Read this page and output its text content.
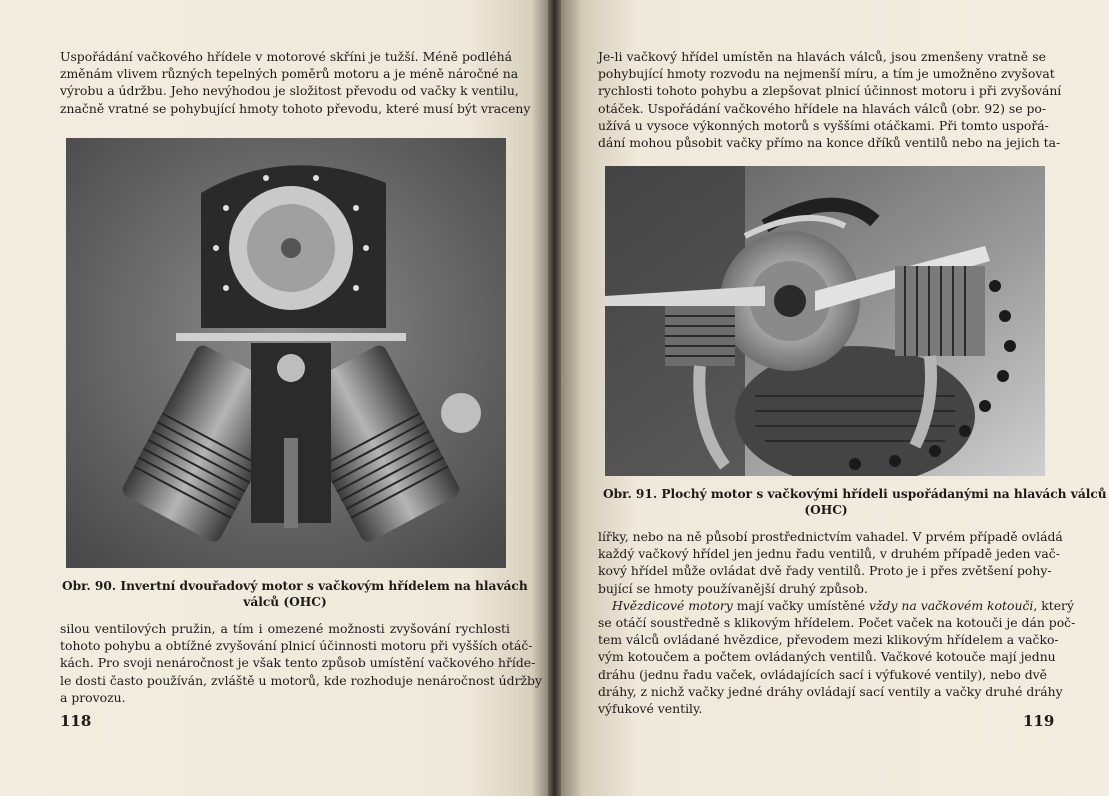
Uspořádání vačkového hřídele v motorové skříni je tužší. Méně podléhá
změnám vlivem různých tepelných poměrů motoru a je méně náročné na
výrobu a údržbu. Jeho nevýhodou je složitost převodu od vačky k ventilu,
značně vratné se pohybující hmoty tohoto převodu, které musí být vraceny
Obr. 90. Invertní dvouřadový motor s vačkovým hřídelem na hlavách
válců (OHC)
silou ventilových pružin, a tím i omezené možnosti zvyšování rychlosti
tohoto pohybu a obtížné zvyšování plnicí účinnosti motoru při vyšších otáč-
kách. Pro svoji nenáročnost je však tento způsob umístění vačkového hříde-
le dosti často používán, zvláště u motorů, kde rozhoduje nenáročnost údržby
a provozu.
118
Je-li vačkový hřídel umístěn na hlavách válců, jsou zmenšeny vratně se
pohybující hmoty rozvodu na nejmenší míru, a tím je umožněno zvyšovat
rychlosti tohoto pohybu a zlepšovat plnicí účinnost motoru i při zvyšování
otáček. Uspořádání vačkového hřídele na hlavách válců (obr. 92) se po-
užívá u vysoce výkonných motorů s vyššími otáčkami. Při tomto uspořá-
dání mohou působit vačky přímo na konce dříků ventilů nebo na jejich ta-
Obr. 91. Plochý motor s vačkovými hřídeli uspořádanými na hlavách válců
(OHC)
lířky, nebo na ně působí prostřednictvím vahadel. V prvém případě ovládá
každý vačkový hřídel jen jednu řadu ventilů, v druhém případě jeden vač-
kový hřídel může ovládat dvě řady ventilů. Proto je i přes zvětšení pohy-
bující se hmoty používanější druhý způsob.
Hvězdicové motory mají vačky umístěné vždy na vačkovém kotouči, který
se otáčí soustředně s klikovým hřídelem. Počet vaček na kotouči je dán poč-
tem válců ovládané hvězdice, převodem mezi klikovým hřídelem a vačko-
vým kotoučem a počtem ovládaných ventilů. Vačkové kotouče mají jednu
dráhu (jednu řadu vaček, ovládajících sací i výfukové ventily), nebo dvě
dráhy, z nichž vačky jedné dráhy ovládají sací ventily a vačky druhé dráhy
výfukové ventily.
119
